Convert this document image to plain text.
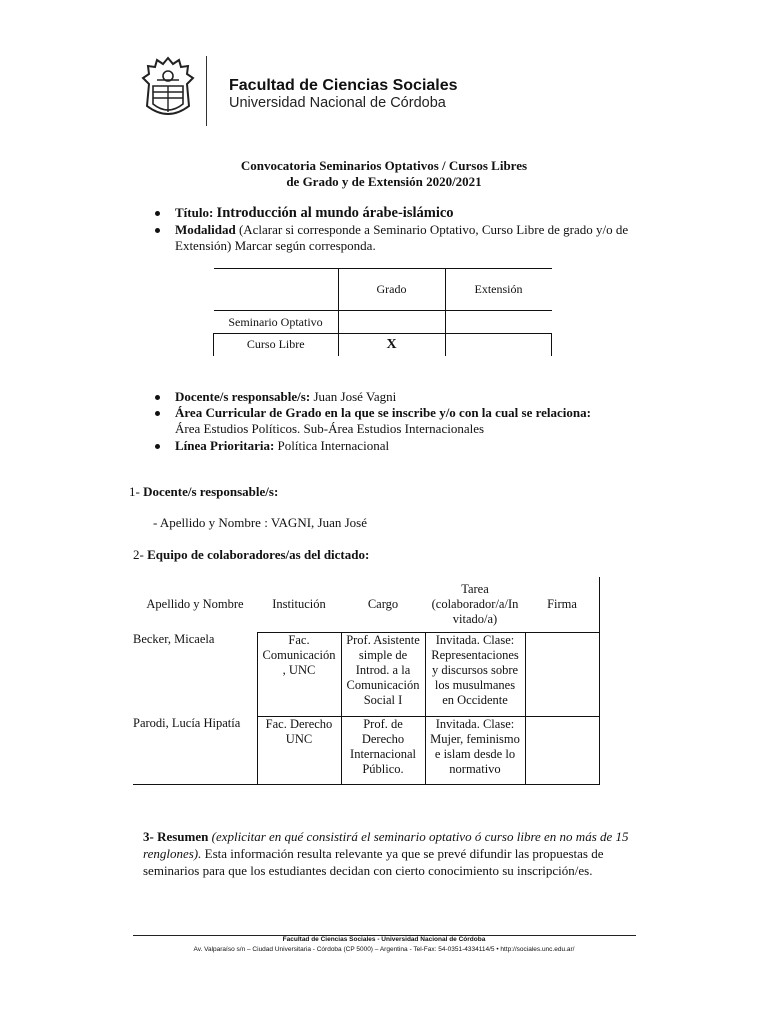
Facultad de Ciencias Sociales
Universidad Nacional de Córdoba
Convocatoria Seminarios Optativos / Cursos Libres
de Grado y de Extensión 2020/2021
Título: Introducción al mundo árabe-islámico
Modalidad (Aclarar si corresponde a Seminario Optativo, Curso Libre de grado y/o de
Extensión) Marcar según corresponda.
	Grado	Extensión
Seminario Optativo		
Curso Libre	X	
Docente/s responsable/s: Juan José Vagni
Área Curricular de Grado en la que se inscribe y/o con la cual se relaciona:
Área Estudios Políticos. Sub-Área Estudios Internacionales
Línea Prioritaria: Política Internacional
1- Docente/s responsable/s:
- Apellido y Nombre : VAGNI, Juan José
2- Equipo de colaboradores/as del dictado:
Apellido y Nombre	Institución	Cargo	Tarea (colaborador/a/In vitado/a)	Firma
Becker, Micaela	Fac. Comunicación , UNC	Prof. Asistente simple de Introd. a la Comunicación Social I	Invitada. Clase: Representaciones y discursos sobre los musulmanes en Occidente	
Parodi, Lucía Hipatía	Fac. Derecho UNC	Prof. de Derecho Internacional Público.	Invitada. Clase: Mujer, feminismo e islam desde lo normativo	
3- Resumen (explicitar en qué consistirá el seminario optativo ó curso libre en no más de 15 renglones). Esta información resulta relevante ya que se prevé difundir las propuestas de seminarios para que los estudiantes decidan con cierto conocimiento su inscripción/es.
Facultad de Ciencias Sociales - Universidad Nacional de Córdoba
Av. Valparaíso s/n – Ciudad Universitaria - Córdoba (CP 5000) – Argentina - Tel-Fax: 54-0351-4334114/5 • http://sociales.unc.edu.ar/
